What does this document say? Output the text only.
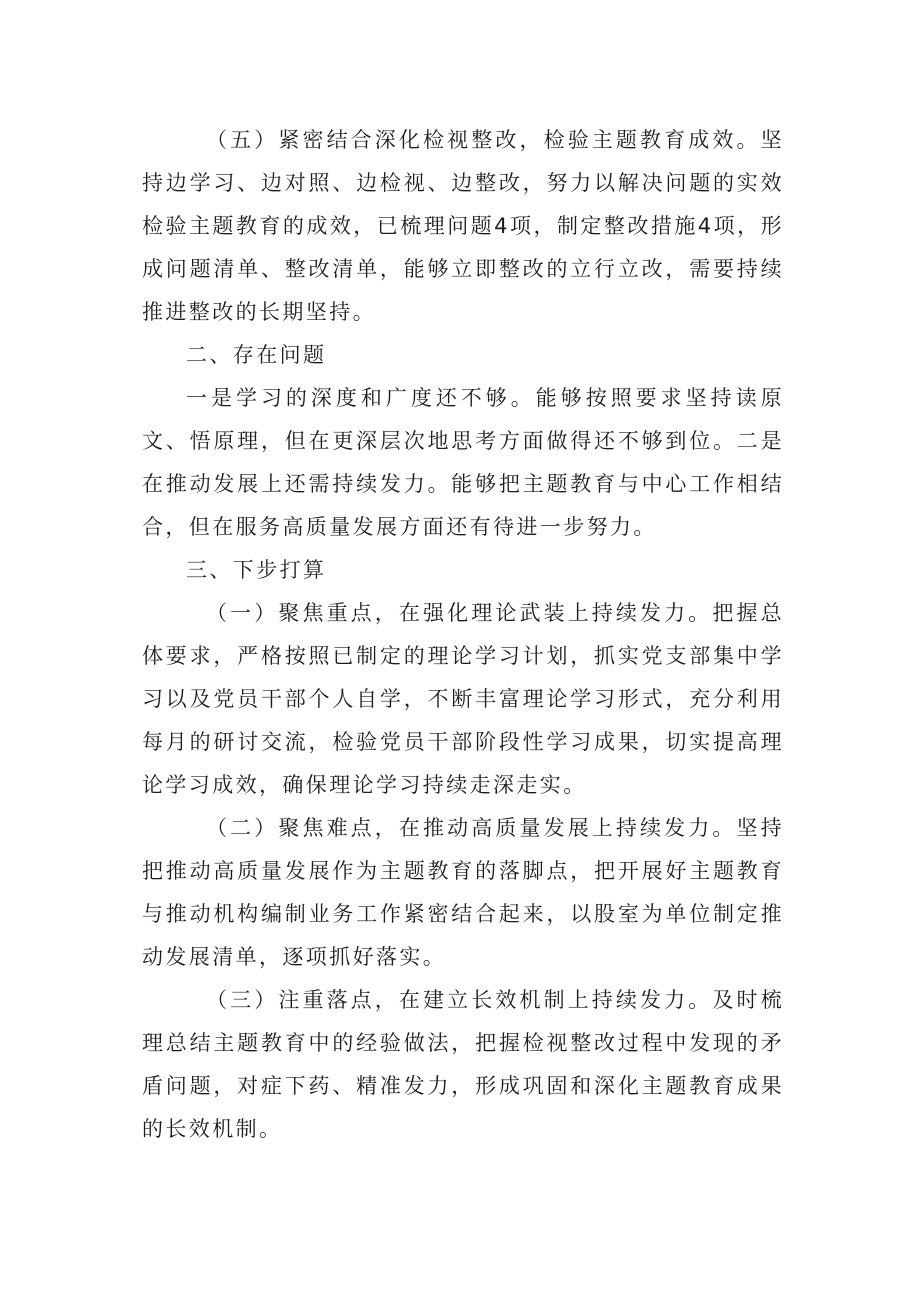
（五）紧密结合深化检视整改，检验主题教育成效。坚持边学习、边对照、边检视、边整改，努力以解决问题的实效检验主题教育的成效，已梳理问题4项，制定整改措施4项，形成问题清单、整改清单，能够立即整改的立行立改，需要持续推进整改的长期坚持。

二、存在问题

一是学习的深度和广度还不够。能够按照要求坚持读原文、悟原理，但在更深层次地思考方面做得还不够到位。二是在推动发展上还需持续发力。能够把主题教育与中心工作相结合，但在服务高质量发展方面还有待进一步努力。

三、下步打算

（一）聚焦重点，在强化理论武装上持续发力。把握总体要求，严格按照已制定的理论学习计划，抓实党支部集中学习以及党员干部个人自学，不断丰富理论学习形式，充分利用每月的研讨交流，检验党员干部阶段性学习成果，切实提高理论学习成效，确保理论学习持续走深走实。

（二）聚焦难点，在推动高质量发展上持续发力。坚持把推动高质量发展作为主题教育的落脚点，把开展好主题教育与推动机构编制业务工作紧密结合起来，以股室为单位制定推动发展清单，逐项抓好落实。

（三）注重落点，在建立长效机制上持续发力。及时梳理总结主题教育中的经验做法，把握检视整改过程中发现的矛盾问题，对症下药、精准发力，形成巩固和深化主题教育成果的长效机制。
